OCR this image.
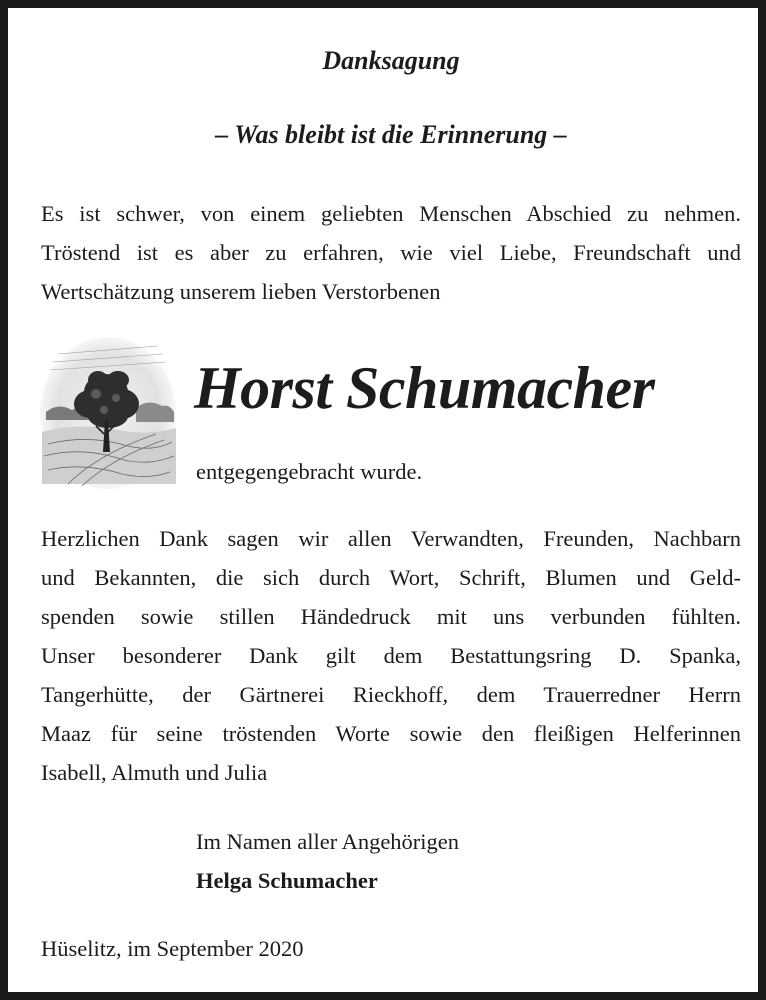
Danksagung
– Was bleibt ist die Erinnerung –
Es ist schwer, von einem geliebten Menschen Abschied zu nehmen.
Tröstend ist es aber zu erfahren, wie viel Liebe, Freundschaft und
Wertschätzung unserem lieben Verstorbenen
Horst Schumacher
entgegengebracht wurde.
Herzlichen Dank sagen wir allen Verwandten, Freunden, Nachbarn
und Bekannten, die sich durch Wort, Schrift, Blumen und Geld-
spenden sowie stillen Händedruck mit uns verbunden fühlten.
Unser besonderer Dank gilt dem Bestattungsring D. Spanka,
Tangerhütte, der Gärtnerei Rieckhoff, dem Trauerredner Herrn
Maaz für seine tröstenden Worte sowie den fleißigen Helferinnen
Isabell, Almuth und Julia
Im Namen aller Angehörigen
Helga Schumacher
Hüselitz, im September 2020
